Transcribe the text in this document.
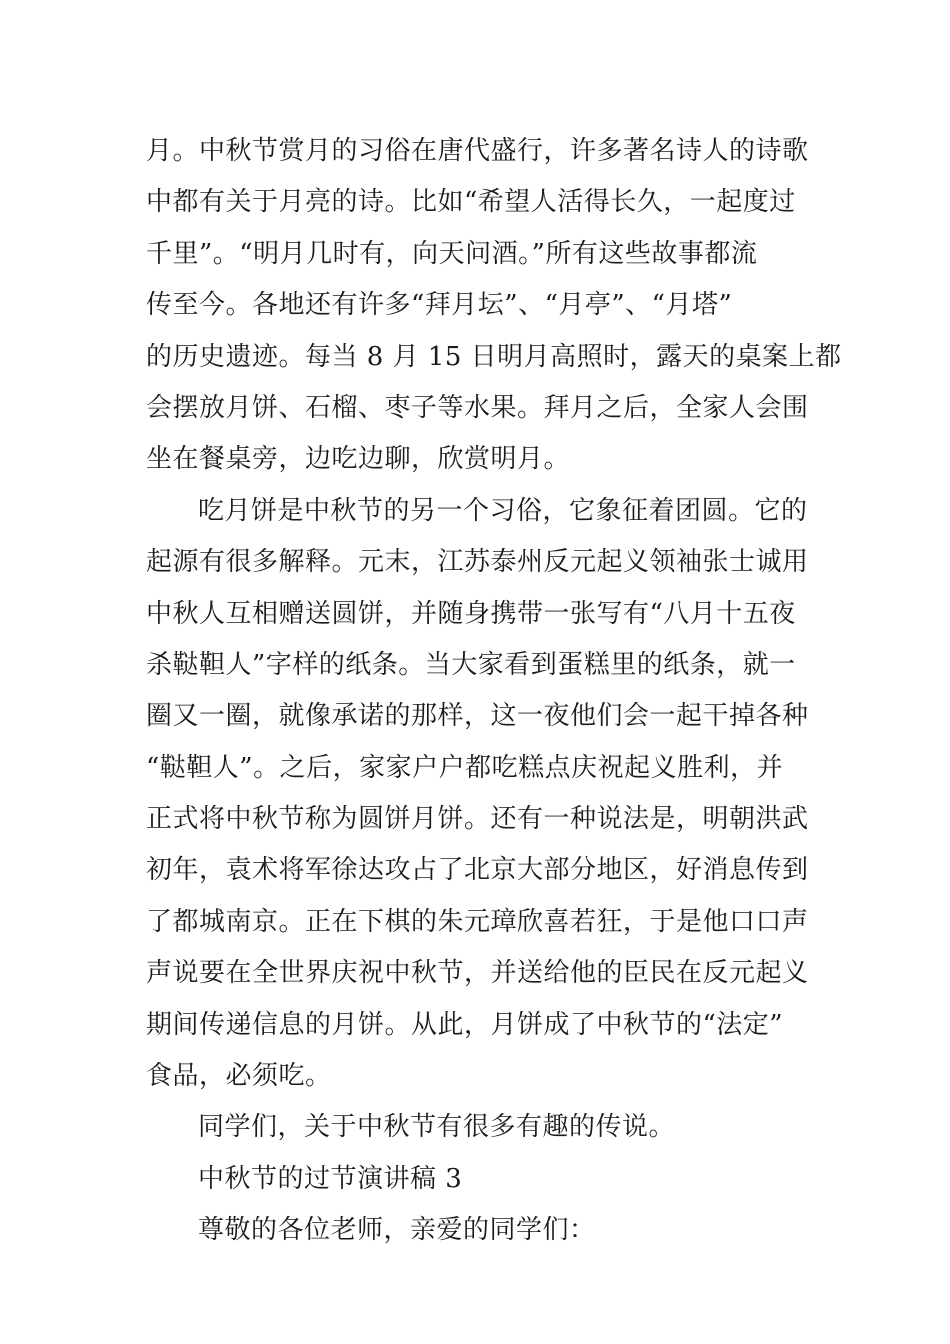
月。中秋节赏月的习俗在唐代盛行，许多著名诗人的诗歌
中都有关于月亮的诗。比如“希望人活得长久，一起度过
千里”。“明月几时有，向天问酒。”所有这些故事都流
传至今。各地还有许多“拜月坛”、“月亭”、“月塔”
的历史遗迹。每当 8 月 15 日明月高照时，露天的桌案上都
会摆放月饼、石榴、枣子等水果。拜月之后，全家人会围
坐在餐桌旁，边吃边聊，欣赏明月。
吃月饼是中秋节的另一个习俗，它象征着团圆。它的
起源有很多解释。元末，江苏泰州反元起义领袖张士诚用
中秋人互相赠送圆饼，并随身携带一张写有“八月十五夜
杀鞑靼人”字样的纸条。当大家看到蛋糕里的纸条，就一
圈又一圈，就像承诺的那样，这一夜他们会一起干掉各种
“鞑靼人”。之后，家家户户都吃糕点庆祝起义胜利，并
正式将中秋节称为圆饼月饼。还有一种说法是，明朝洪武
初年，袁术将军徐达攻占了北京大部分地区，好消息传到
了都城南京。正在下棋的朱元璋欣喜若狂，于是他口口声
声说要在全世界庆祝中秋节，并送给他的臣民在反元起义
期间传递信息的月饼。从此，月饼成了中秋节的“法定”
食品，必须吃。
同学们，关于中秋节有很多有趣的传说。
中秋节的过节演讲稿 3
尊敬的各位老师，亲爱的同学们：
